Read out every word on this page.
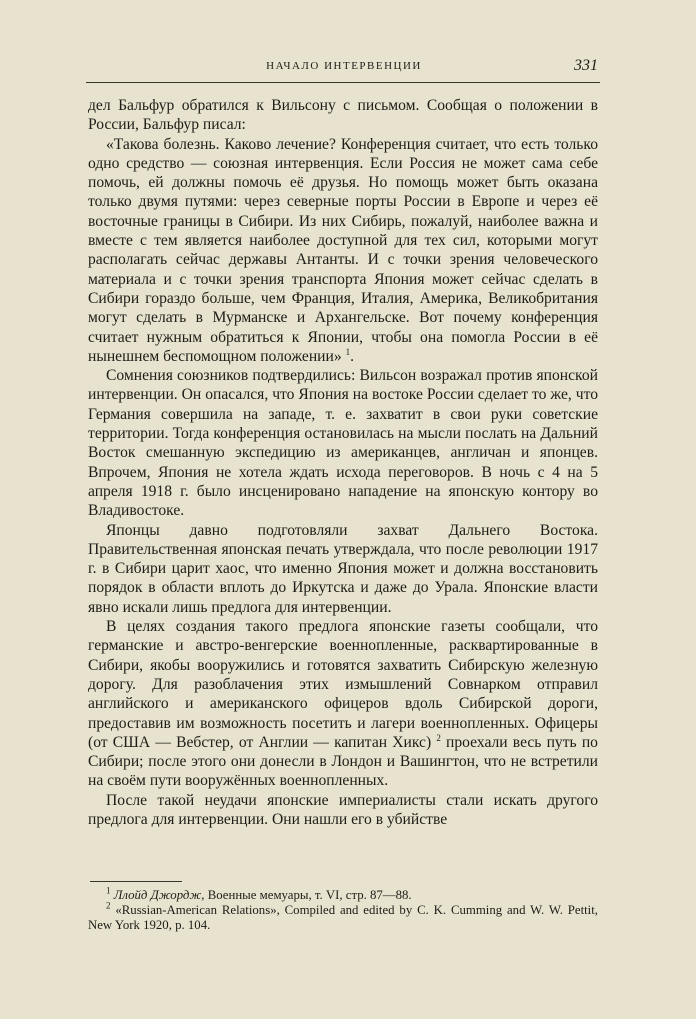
НАЧАЛО ИНТЕРВЕНЦИИ	331

дел Бальфур обратился к Вильсону с письмом. Сообщая о положении в России, Бальфур писал:

«Такова болезнь. Каково лечение? Конференция считает, что есть только одно средство — союзная интервенция. Если Россия не может сама себе помочь, ей должны помочь её друзья. Но помощь может быть оказана только двумя путями: через северные порты России в Европе и через её восточные границы в Сибири. Из них Сибирь, пожалуй, наиболее важна и вместе с тем является наиболее доступной для тех сил, которыми могут располагать сейчас державы Антанты. И с точки зрения человеческого материала и с точки зрения транспорта Япония может сейчас сделать в Сибири гораздо больше, чем Франция, Италия, Америка, Великобритания могут сделать в Мурманске и Архангельске. Вот почему конференция считает нужным обратиться к Японии, чтобы она помогла России в её нынешнем беспомощном положении» $^1$.

Сомнения союзников подтвердились: Вильсон возражал против японской интервенции. Он опасался, что Япония на востоке России сделает то же, что Германия совершила на западе, т. е. захватит в свои руки советские территории. Тогда конференция остановилась на мысли послать на Дальний Восток смешанную экспедицию из американцев, англичан и японцев. Впрочем, Япония не хотела ждать исхода переговоров. В ночь с 4 на 5 апреля 1918 г. было инсценировано нападение на японскую контору во Владивостоке.

Японцы давно подготовляли захват Дальнего Востока. Правительственная японская печать утверждала, что после революции 1917 г. в Сибири царит хаос, что именно Япония может и должна восстановить порядок в области вплоть до Иркутска и даже до Урала. Японские власти явно искали лишь предлога для интервенции.

В целях создания такого предлога японские газеты сообщали, что германские и австро-венгерские военнопленные, расквартированные в Сибири, якобы вооружились и готовятся захватить Сибирскую железную дорогу. Для разоблачения этих измышлений Совнарком отправил английского и американского офицеров вдоль Сибирской дороги, предоставив им возможность посетить и лагери военнопленных. Офицеры (от США — Вебстер, от Англии — капитан Хикс) $^2$ проехали весь путь по Сибири; после этого они донесли в Лондон и Вашингтон, что не встретили на своём пути вооружённых военнопленных.

После такой неудачи японские империалисты стали искать другого предлога для интервенции. Они нашли его в убийстве

$^1$ Ллойд Джордж, Военные мемуары, т. VI, стр. 87—88.

$^2$ «Russian-American Relations», Compiled and edited by C. K. Cumming and W. W. Pettit, New York 1920, p. 104.
